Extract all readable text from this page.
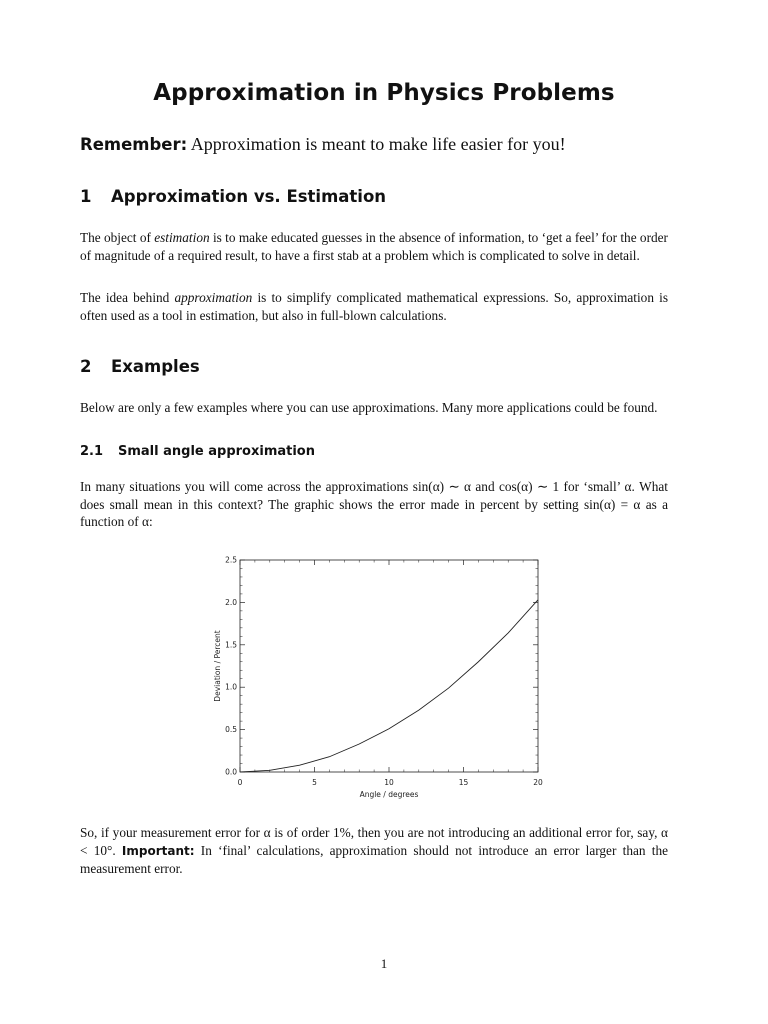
Approximation in Physics Problems
Remember: Approximation is meant to make life easier for you!
1 Approximation vs. Estimation
The object of estimation is to make educated guesses in the absence of information, to ‘get a feel’ for the order of magnitude of a required result, to have a first stab at a problem which is complicated to solve in detail.
The idea behind approximation is to simplify complicated mathematical expressions. So, approximation is often used as a tool in estimation, but also in full-blown calculations.
2 Examples
Below are only a few examples where you can use approximations. Many more applications could be found.
2.1 Small angle approximation
In many situations you will come across the approximations sin(α) ∼ α and cos(α) ∼ 1 for ‘small’ α. What does small mean in this context? The graphic shows the error made in percent by setting sin(α) = α as a function of α:
0	5	10	15	20
0.0
0.5
1.0
1.5
2.0
2.5
Angle / degrees
Deviation / Percent
So, if your measurement error for α is of order 1%, then you are not introducing an additional error for, say, α < 10°. Important: In ‘final’ calculations, approximation should not introduce an error larger than the measurement error.
1
